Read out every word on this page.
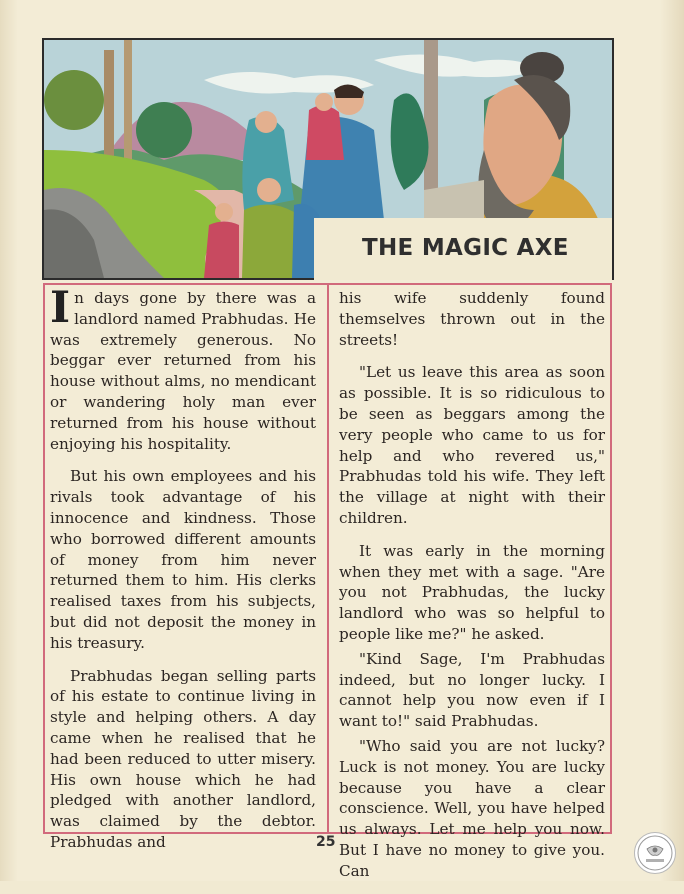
THE MAGIC AXE

In days gone by there was a landlord named Prabhudas. He was extremely generous. No beggar ever returned from his house without alms, no mendicant or wandering holy man ever returned from his house without enjoying his hospitality.

But his own employees and his rivals took advantage of his innocence and kindness. Those who borrowed different amounts of money from him never returned them to him. His clerks realised taxes from his subjects, but did not deposit the money in his treasury.

Prabhudas began selling parts of his estate to continue living in style and helping others. A day came when he realised that he had been reduced to utter misery. His own house which he had pledged with another landlord, was claimed by the debtor. Prabhudas and

his wife suddenly found themselves thrown out in the streets!

"Let us leave this area as soon as possible. It is so ridiculous to be seen as beggars among the very people who came to us for help and who revered us," Prabhudas told his wife. They left the village at night with their children.

It was early in the morning when they met with a sage. "Are you not Prabhudas, the lucky landlord who was so helpful to people like me?" he asked.

"Kind Sage, I'm Prabhudas indeed, but no longer lucky. I cannot help you now even if I want to!" said Prabhudas.

"Who said you are not lucky? Luck is not money. You are lucky because you have a clear conscience. Well, you have helped us always. Let me help you now. But I have no money to give you. Can

25
